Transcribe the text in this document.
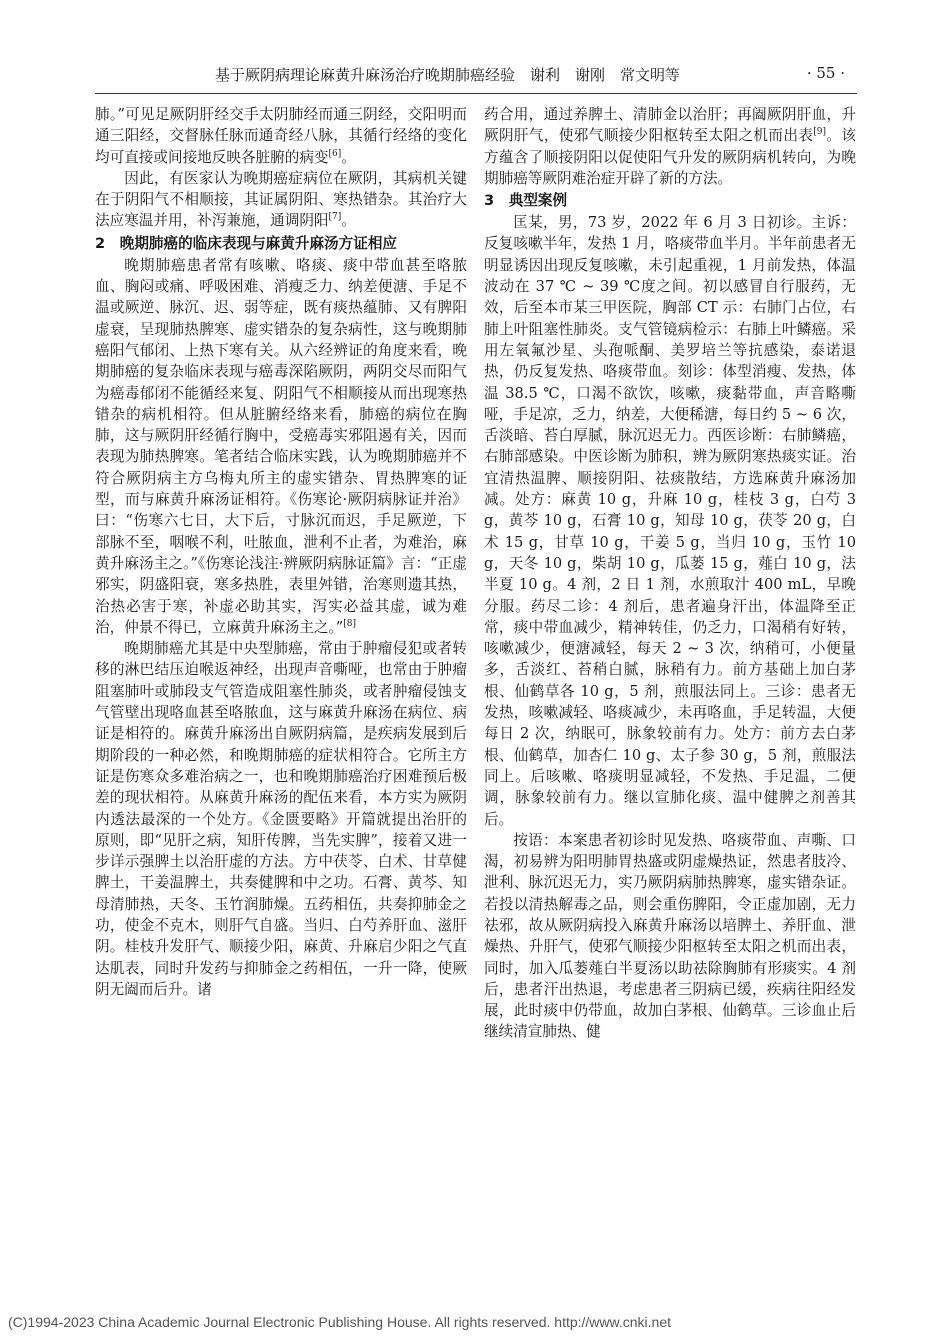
基于厥阴病理论麻黄升麻汤治疗晚期肺癌经验　谢利　谢刚　常文明等	· 55 ·

肺。”可见足厥阴肝经交手太阴肺经而通三阴经，交阳明而通三阳经，交督脉任脉而通奇经八脉，其循行经络的变化均可直接或间接地反映各脏腑的病变[6]。

因此，有医家认为晚期癌症病位在厥阴，其病机关键在于阴阳气不相顺接，其证属阴阳、寒热错杂。其治疗大法应寒温并用，补泻兼施，通调阴阳[7]。

2　晚期肺癌的临床表现与麻黄升麻汤方证相应

晚期肺癌患者常有咳嗽、咯痰、痰中带血甚至咯脓血、胸闷或痛、呼吸困难、消瘦乏力、纳差便溏、手足不温或厥逆、脉沉、迟、弱等症，既有痰热蕴肺、又有脾阳虚衰，呈现肺热脾寒、虚实错杂的复杂病性，这与晚期肺癌阳气郁闭、上热下寒有关。从六经辨证的角度来看，晚期肺癌的复杂临床表现与癌毒深陷厥阴，两阴交尽而阳气为癌毒郁闭不能循经来复、阴阳气不相顺接从而出现寒热错杂的病机相符。但从脏腑经络来看，肺癌的病位在胸肺，这与厥阴肝经循行胸中，受癌毒实邪阻遏有关，因而表现为肺热脾寒。笔者结合临床实践，认为晚期肺癌并不符合厥阴病主方乌梅丸所主的虚实错杂、胃热脾寒的证型，而与麻黄升麻汤证相符。《伤寒论·厥阴病脉证并治》曰：“伤寒六七日，大下后，寸脉沉而迟，手足厥逆，下部脉不至，咽喉不利，吐脓血，泄利不止者，为难治，麻黄升麻汤主之。”《伤寒论浅注·辨厥阴病脉证篇》言：“正虚邪实，阴盛阳衰，寒多热胜，表里舛错，治寒则遗其热，治热必害于寒，补虚必助其实，泻实必益其虚，诚为难治，仲景不得已，立麻黄升麻汤主之。”[8]

晚期肺癌尤其是中央型肺癌，常由于肿瘤侵犯或者转移的淋巴结压迫喉返神经，出现声音嘶哑，也常由于肿瘤阻塞肺叶或肺段支气管造成阻塞性肺炎，或者肿瘤侵蚀支气管壁出现咯血甚至咯脓血，这与麻黄升麻汤在病位、病证是相符的。麻黄升麻汤出自厥阴病篇，是疾病发展到后期阶段的一种必然，和晚期肺癌的症状相符合。它所主方证是伤寒众多难治病之一，也和晚期肺癌治疗困难预后极差的现状相符。从麻黄升麻汤的配伍来看，本方实为厥阴内透法最深的一个处方。《金匮要略》开篇就提出治肝的原则，即“见肝之病，知肝传脾，当先实脾”，接着又进一步详示强脾土以治肝虚的方法。方中茯苓、白术、甘草健脾土，干姜温脾土，共奏健脾和中之功。石膏、黄芩、知母清肺热，天冬、玉竹润肺燥。五药相伍，共奏抑肺金之功，使金不克木，则肝气自盛。当归、白芍养肝血、滋肝阴。桂枝升发肝气、顺接少阳，麻黄、升麻启少阳之气直达肌表，同时升发药与抑肺金之药相伍，一升一降，使厥阴无阖而后升。诸

药合用，通过养脾土、清肺金以治肝；再阖厥阴肝血，升厥阴肝气，使邪气顺接少阳枢转至太阳之机而出表[9]。该方蕴含了顺接阴阳以促使阳气升发的厥阴病机转向，为晚期肺癌等厥阴难治症开辟了新的方法。

3　典型案例

匡某，男，73 岁，2022 年 6 月 3 日初诊。主诉：反复咳嗽半年，发热 1 月，咯痰带血半月。半年前患者无明显诱因出现反复咳嗽，未引起重视，1 月前发热，体温波动在 37 ℃ ~ 39 ℃度之间。初以感冒自行服药，无效，后至本市某三甲医院，胸部 CT 示：右肺门占位，右肺上叶阻塞性肺炎。支气管镜病检示：右肺上叶鳞癌。采用左氧氟沙星、头孢哌酮、美罗培兰等抗感染，泰诺退热，仍反复发热、咯痰带血。刻诊：体型消瘦、发热，体温 38.5 ℃，口渴不欲饮，咳嗽，痰黏带血，声音略嘶哑，手足凉，乏力，纳差，大便稀溏，每日约 5 ~ 6 次，舌淡暗、苔白厚腻，脉沉迟无力。西医诊断：右肺鳞癌，右肺部感染。中医诊断为肺积，辨为厥阴寒热痰实证。治宜清热温脾、顺接阴阳、祛痰散结，方选麻黄升麻汤加减。处方：麻黄 10 g，升麻 10 g，桂枝 3 g，白芍 3 g，黄芩 10 g，石膏 10 g，知母 10 g，茯苓 20 g，白术 15 g，甘草 10 g，干姜 5 g，当归 10 g，玉竹 10 g，天冬 10 g，柴胡 10 g，瓜蒌 15 g，薤白 10 g，法半夏 10 g。4 剂，2 日 1 剂，水煎取汁 400 mL，早晚分服。药尽二诊：4 剂后，患者遍身汗出，体温降至正常，痰中带血减少，精神转佳，仍乏力，口渴稍有好转，咳嗽减少，便溏减轻，每天 2 ~ 3 次，纳稍可，小便量多，舌淡红、苔稍白腻，脉稍有力。前方基础上加白茅根、仙鹤草各 10 g，5 剂，煎服法同上。三诊：患者无发热，咳嗽减轻、咯痰减少，未再咯血，手足转温，大便每日 2 次，纳眠可，脉象较前有力。处方：前方去白茅根、仙鹤草，加杏仁 10 g、太子参 30 g，5 剂，煎服法同上。后咳嗽、咯痰明显减轻，不发热、手足温，二便调，脉象较前有力。继以宣肺化痰、温中健脾之剂善其后。

按语：本案患者初诊时见发热、咯痰带血、声嘶、口渴，初易辨为阳明肺胃热盛或阴虚燥热证，然患者肢冷、泄利、脉沉迟无力，实乃厥阴病肺热脾寒，虚实错杂证。若投以清热解毒之品，则会重伤脾阳，令正虚加剧，无力祛邪，故从厥阴病投入麻黄升麻汤以培脾土、养肝血、泄燥热、升肝气，使邪气顺接少阳枢转至太阳之机而出表，同时，加入瓜蒌薤白半夏汤以助祛除胸肺有形痰实。4 剂后，患者汗出热退，考虑患者三阴病已缓，疾病往阳经发展，此时痰中仍带血，故加白茅根、仙鹤草。三诊血止后继续清宣肺热、健

(C)1994-2023 China Academic Journal Electronic Publishing House. All rights reserved. http://www.cnki.net
